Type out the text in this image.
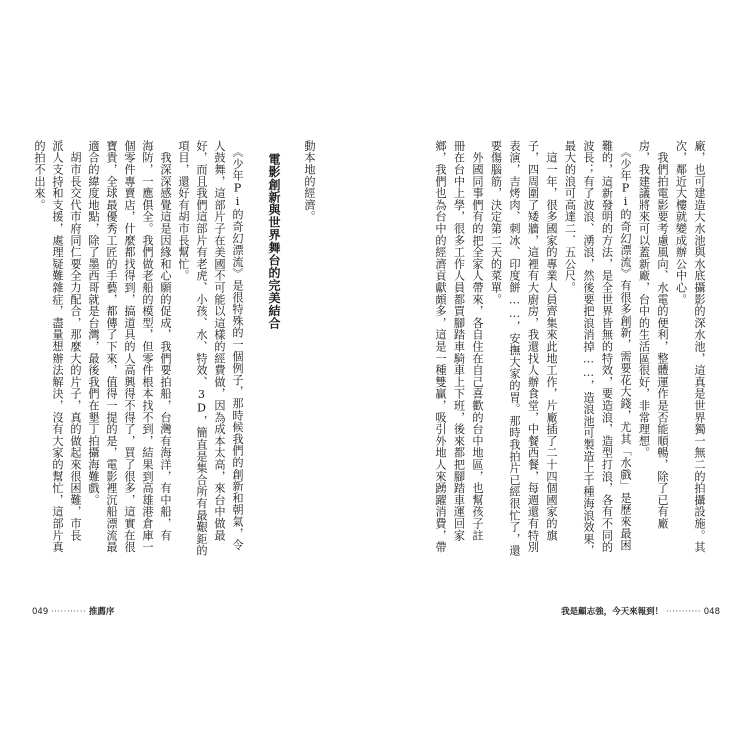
廠，也可建造大水池與水底攝影的深水池，這真是世界獨一無二的拍攝設施。其
次，鄰近大樓就變成辦公中心。
　我們拍電影要考慮風向、水電的便利，整體運作是否能順暢，除了已有廠
房，我建議將來可以蓋新廠，台中的生活區很好，非常理想。
　《少年Pi的奇幻漂流》有很多創新，需要花大錢，尤其「水戲」是歷來最困
難的，這新發明的方法，是全世界皆無的特效，要造浪，造型打浪，各有不同的
波長；有了波浪、湧浪，然後要把浪消掉……，造浪池可製造上千種海浪效果，
最大的浪可高達二．五公尺。
　這一年，很多國家的專業人員齊集來此地工作，片廠插了二十四個國家的旗
子，四周圍了矮牆，這裡有大廚房，我還找人辦食堂，中餐西餐，每週還有特別
表演，吉烤肉、刺冰、印度餅……，安撫大家的胃。那時我拍片已經很忙了，還
要傷腦筋，決定第二天的菜單。
　外國同事們有的把全家人帶來，各自住在自己喜歡的台中地區，也幫孩子註
冊在台中上學，很多工作人員都買腳踏車騎車上下班，後來都把腳踏車運回家
鄉，我們也為台中的經濟貢獻頗多，這是一種雙贏，吸引外地人來踴躍消費，帶
我是顧志強，今天來報到！ ··········· 048
動本地的經濟。
電影創新與世界舞台的完美結合
　《少年Pi的奇幻漂流》是很特殊的一個例子，那時候我們的創新和朝氣，令
人鼓舞，這部片子在美國不可能以這樣的經費做，因為成本太高，來台中做最
好，而且我們這部片有老虎、小孩、水、特效、3D，簡直是集合所有最艱鉅的
項目，還好有胡市長幫忙。
　我深深感覺這是因緣和心願的促成，我們要拍船，台灣有海洋，有中船，有
海防，一應俱全。我們做老船的模型，但零件根本找不到，結果到高雄港倉庫一
個零件專賣店，什麼都找得到，搞道具的人高興得不得了，買了很多，這實在很
寶貴，全球最優秀工匠的手藝，都傳了下來，值得一提的是，電影裡沉船漂流最
適合的緯度地點，除了墨西哥就是台灣，最後我們在墾丁拍攝海難戲。
　胡市長交代市府同仁要全力配合，那麼大的片子，真的做起來很困難，市長
派人支持和支援，處理疑難雜症，盡量想辦法解決，沒有大家的幫忙，這部片真
的拍不出來。
049 ··········· 推薦序
